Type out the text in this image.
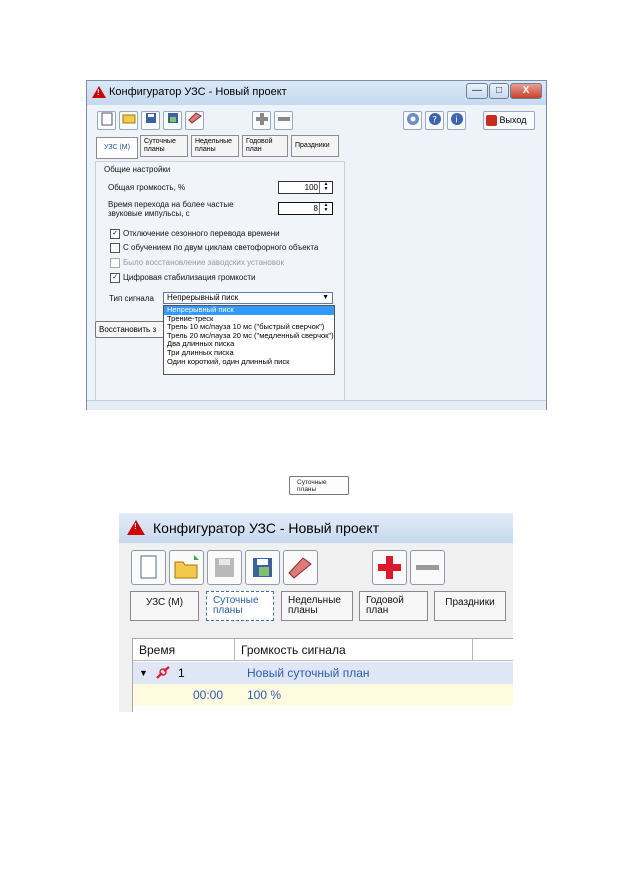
!
Конфигуратор УЗС - Новый проект	—	□	X
? i	Выход
УЗС (М)
Суточные планы
Недельные планы
Годовой план
Праздники
Общие настройки
Общая громкость, %	100	▲
▼
Время перехода на более частые
звуковые импульсы, с
8	▲
▼
✓ Отключение сезонного перевода времени
С обучением по двум циклам светофорного объекта
Было восстановление заводских установок
✓ Цифровая стабилизация громкости
Тип сигнала	Непрерывный писк	▼
Восстановить з
Непрерывный писк
Трение-треск
Трель 10 мс/пауза 10 мс ("быстрый сверчок")
Трель 20 мс/пауза 20 мс ("медленный сверчок")
Два длинных писка
Три длинных писка
Один короткий, один длинный писк
Суточные
планы
!
Конфигуратор УЗС - Новый проект
УЗС (М)	Суточные планы
Недельные планы
Годовой план
Праздники
Время	Громкость сигнала
▼	1	Новый суточный план
00:00 100 %
